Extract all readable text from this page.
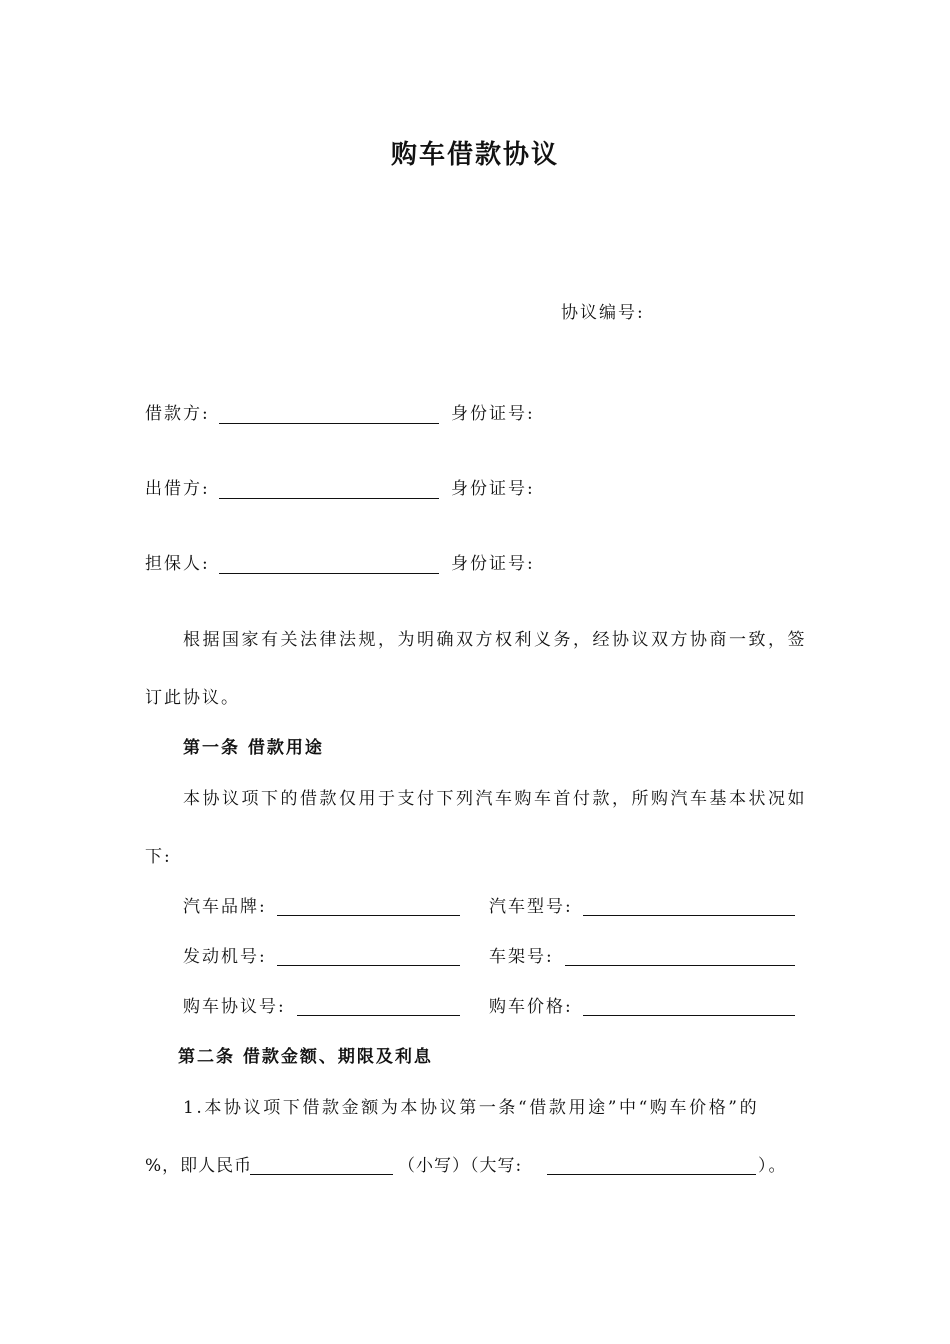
购车借款协议
协议编号:
借款方:	身份证号:
出借方:	身份证号:
担保人:	身份证号:
根据国家有关法律法规，为明确双方权利义务，经协议双方协商一致，签
订此协议。
第一条 借款用途
本协议项下的借款仅用于支付下列汽车购车首付款，所购汽车基本状况如
下:
汽车品牌:	汽车型号:
发动机号:	车架号:
购车协议号:	购车价格:
第二条 借款金额、期限及利息
1.本协议项下借款金额为本协议第一条“借款用途”中“购车价格”的
%，即人民币	（小写）（大写:	）。
